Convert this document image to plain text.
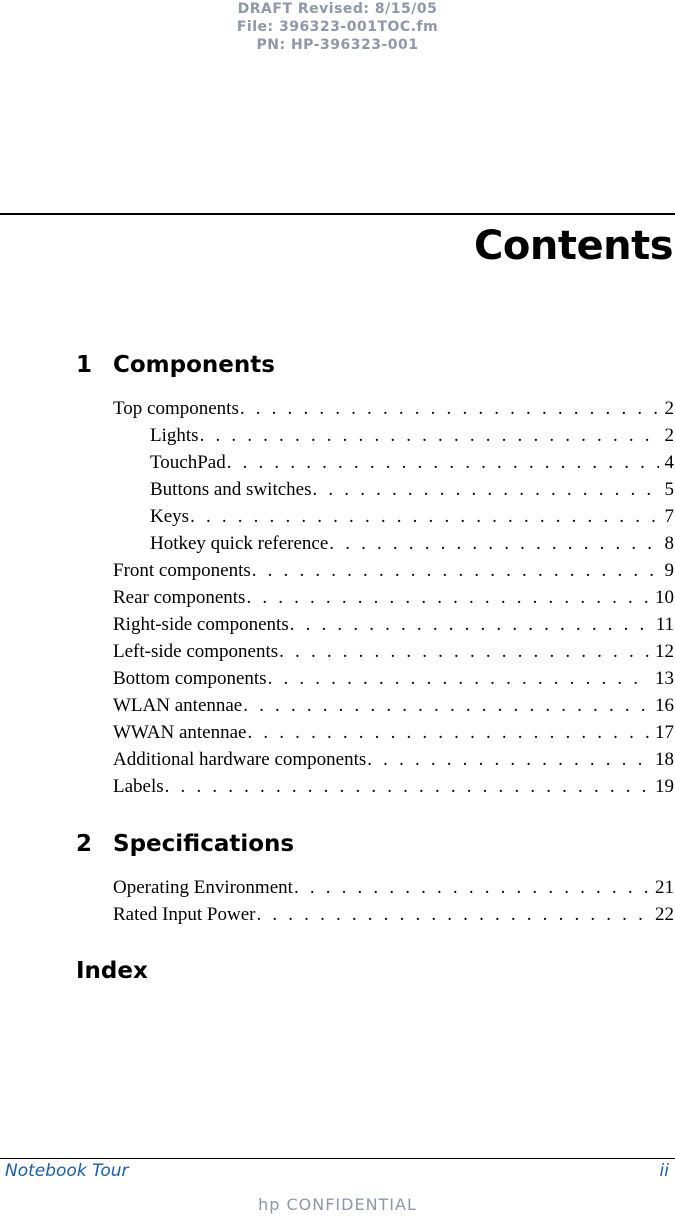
DRAFT Revised: 8/15/05
File: 396323-001TOC.fm
PN: HP-396323-001
Contents
1 Components
Top components . . .	2
Lights . . .	2
TouchPad . . .	4
Buttons and switches . . .	5
Keys . . .	7
Hotkey quick reference . . .	8
Front components . . .	9
Rear components . . .	10
Right-side components . . .	11
Left-side components . . .	12
Bottom components . . .	13
WLAN antennae . . .	16
WWAN antennae . . .	17
Additional hardware components . . .	18
Labels . . .	19
2 Specifications
Operating Environment . . .	21
Rated Input Power . . .	22
Index
Notebook Tour	ii
hp CONFIDENTIAL
